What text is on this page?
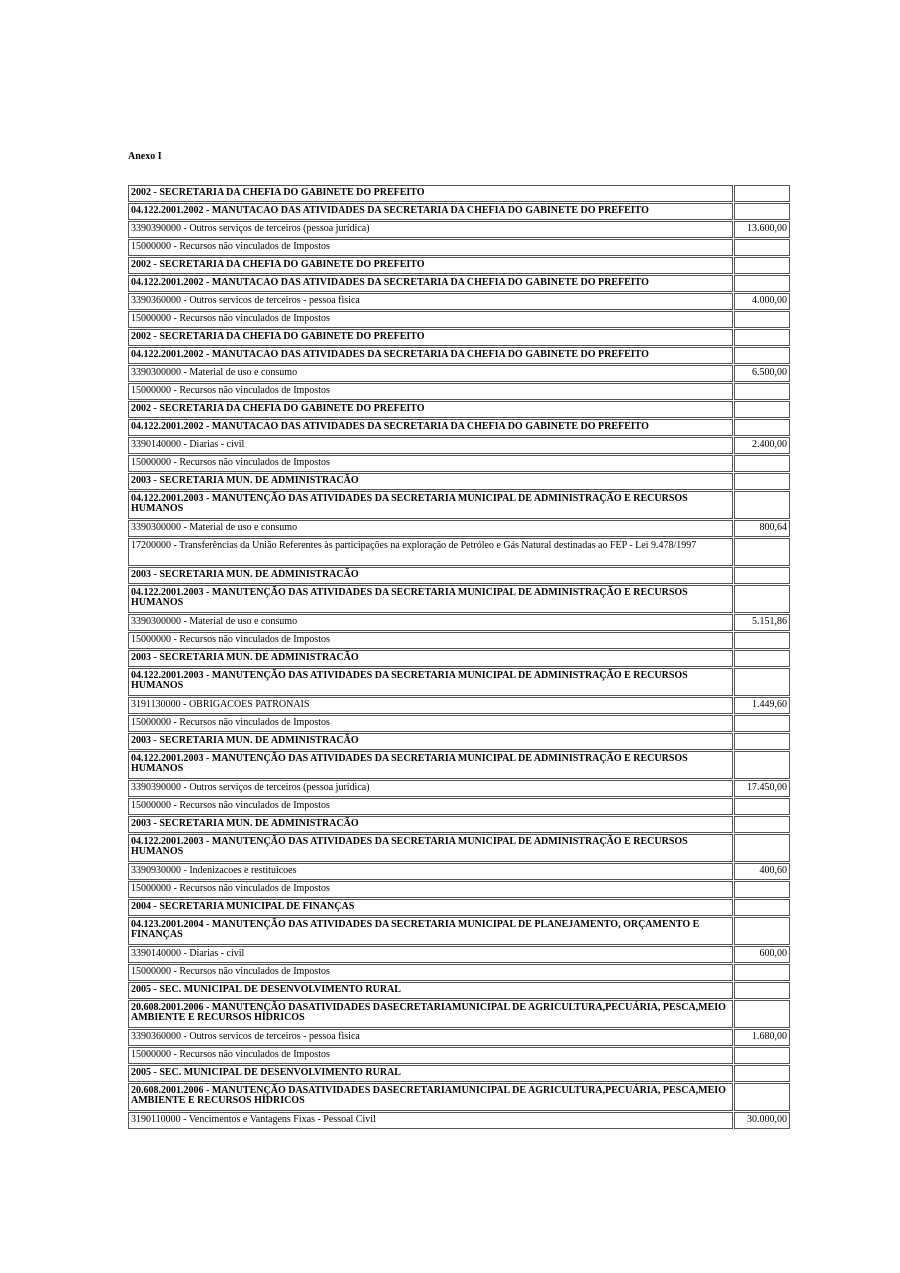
Anexo I
2002 - SECRETARIA DA CHEFIA DO GABINETE DO PREFEITO	
04.122.2001.2002 - MANUTACAO DAS ATIVIDADES DA SECRETARIA DA CHEFIA DO GABINETE DO PREFEITO	
3390390000 - Outros serviços de terceiros (pessoa jurídica)	13.600,00
15000000 - Recursos não vinculados de Impostos	
2002 - SECRETARIA DA CHEFIA DO GABINETE DO PREFEITO	
04.122.2001.2002 - MANUTACAO DAS ATIVIDADES DA SECRETARIA DA CHEFIA DO GABINETE DO PREFEITO	
3390360000 - Outros servicos de terceiros - pessoa fisica	4.000,00
15000000 - Recursos não vinculados de Impostos	
2002 - SECRETARIA DA CHEFIA DO GABINETE DO PREFEITO	
04.122.2001.2002 - MANUTACAO DAS ATIVIDADES DA SECRETARIA DA CHEFIA DO GABINETE DO PREFEITO	
3390300000 - Material de uso e consumo	6.500,00
15000000 - Recursos não vinculados de Impostos	
2002 - SECRETARIA DA CHEFIA DO GABINETE DO PREFEITO	
04.122.2001.2002 - MANUTACAO DAS ATIVIDADES DA SECRETARIA DA CHEFIA DO GABINETE DO PREFEITO	
3390140000 - Diarias - civil	2.400,00
15000000 - Recursos não vinculados de Impostos	
2003 - SECRETARIA MUN. DE ADMINISTRACÃO	
04.122.2001.2003 - MANUTENÇÃO DAS ATIVIDADES DA SECRETARIA MUNICIPAL DE ADMINISTRAÇÃO E RECURSOS HUMANOS	
3390300000 - Material de uso e consumo	800,64
17200000 - Transferências da União Referentes às participações na exploração de Petróleo e Gás Natural destinadas ao FEP - Lei 9.478/1997	
2003 - SECRETARIA MUN. DE ADMINISTRACÃO	
04.122.2001.2003 - MANUTENÇÃO DAS ATIVIDADES DA SECRETARIA MUNICIPAL DE ADMINISTRAÇÃO E RECURSOS HUMANOS	
3390300000 - Material de uso e consumo	5.151,86
15000000 - Recursos não vinculados de Impostos	
2003 - SECRETARIA MUN. DE ADMINISTRACÃO	
04.122.2001.2003 - MANUTENÇÃO DAS ATIVIDADES DA SECRETARIA MUNICIPAL DE ADMINISTRAÇÃO E RECURSOS HUMANOS	
3191130000 - OBRIGACOES PATRONAIS	1.449,60
15000000 - Recursos não vinculados de Impostos	
2003 - SECRETARIA MUN. DE ADMINISTRACÃO	
04.122.2001.2003 - MANUTENÇÃO DAS ATIVIDADES DA SECRETARIA MUNICIPAL DE ADMINISTRAÇÃO E RECURSOS HUMANOS	
3390390000 - Outros serviços de terceiros (pessoa jurídica)	17.450,00
15000000 - Recursos não vinculados de Impostos	
2003 - SECRETARIA MUN. DE ADMINISTRACÃO	
04.122.2001.2003 - MANUTENÇÃO DAS ATIVIDADES DA SECRETARIA MUNICIPAL DE ADMINISTRAÇÃO E RECURSOS HUMANOS	
3390930000 - Indenizacoes e restituicoes	400,60
15000000 - Recursos não vinculados de Impostos	
2004 - SECRETARIA MUNICIPAL DE FINANÇAS	
04.123.2001.2004 - MANUTENÇÃO DAS ATIVIDADES DA SECRETARIA MUNICIPAL DE PLANEJAMENTO, ORÇAMENTO E FINANÇAS	
3390140000 - Diarias - civil	600,00
15000000 - Recursos não vinculados de Impostos	
2005 - SEC. MUNICIPAL DE DESENVOLVIMENTO RURAL	
20.608.2001.2006 - MANUTENÇÃO DASATIVIDADES DASECRETARIAMUNICIPAL DE AGRICULTURA,PECUÁRIA, PESCA,MEIO AMBIENTE E RECURSOS HÍDRICOS	
3390360000 - Outros servicos de terceiros - pessoa fisica	1.680,00
15000000 - Recursos não vinculados de Impostos	
2005 - SEC. MUNICIPAL DE DESENVOLVIMENTO RURAL	
20.608.2001.2006 - MANUTENÇÃO DASATIVIDADES DASECRETARIAMUNICIPAL DE AGRICULTURA,PECUÁRIA, PESCA,MEIO AMBIENTE E RECURSOS HÍDRICOS	
3190110000 - Vencimentos e Vantagens Fixas - Pessoal Civil	30.000,00
